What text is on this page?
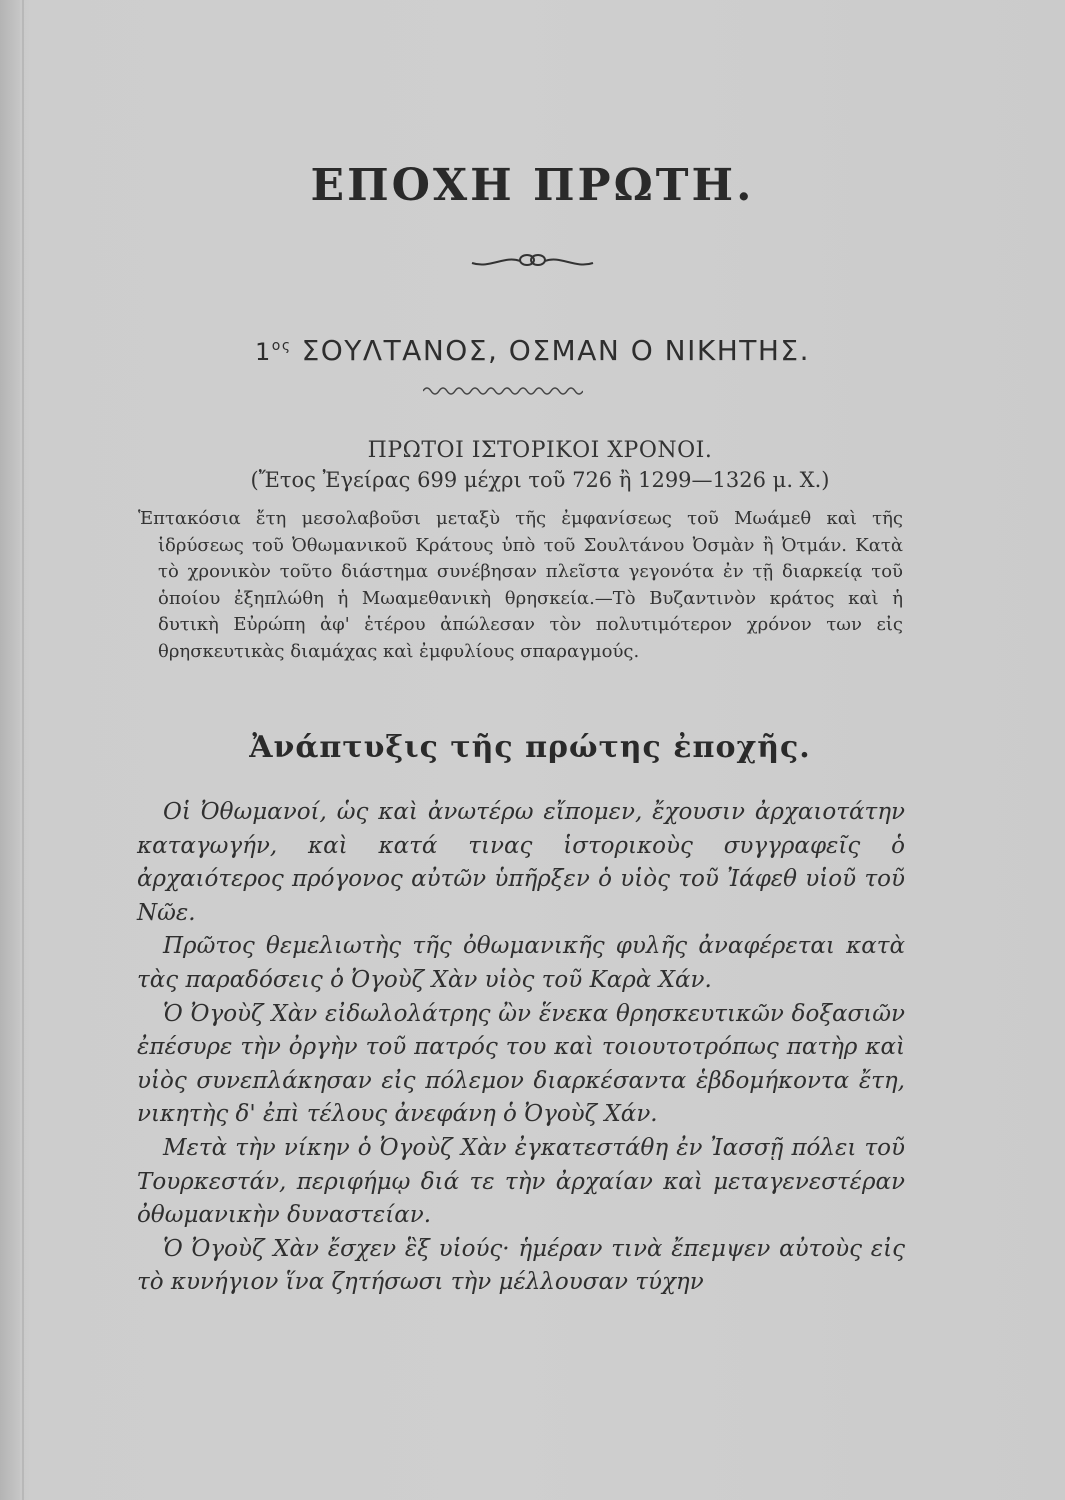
ΕΠΟΧΗ ΠΡΩΤΗ.
$1^{o\varsigma}$ ΣΟΥΛΤΑΝΟΣ, ΟΣΜΑΝ Ο ΝΙΚΗΤΗΣ.
ΠΡΩΤΟΙ ΙΣΤΟΡΙΚΟΙ ΧΡΟΝΟΙ.
(Ἔτος Ἐγείρας 699 μέχρι τοῦ 726 ἢ 1299—1326 μ. Χ.)

Ἑπτακόσια ἔτη μεσολαβοῦσι μεταξὺ τῆς ἐμφανίσεως τοῦ Μωάμεθ καὶ τῆς ἱδρύσεως τοῦ Ὀθωμανικοῦ Κράτους ὑπὸ τοῦ Σουλτάνου Ὀσμὰν ἢ Ὀτμάν. Κατὰ τὸ χρονικὸν τοῦτο διάστημα συνέβησαν πλεῖστα γεγονότα ἐν τῇ διαρκείᾳ τοῦ ὁποίου ἐξηπλώθη ἡ Μωαμεθανικὴ θρησκεία.—Τὸ Βυζαντινὸν κράτος καὶ ἡ δυτικὴ Εὐρώπη ἀφ' ἑτέρου ἀπώλεσαν τὸν πολυτιμότερον χρόνον των εἰς θρησκευτικὰς διαμάχας καὶ ἐμφυλίους σπαραγμούς.

Ἀνάπτυξις τῆς πρώτης ἐποχῆς.

Οἱ Ὀθωμανοί, ὡς καὶ ἀνωτέρω εἴπομεν, ἔχουσιν ἀρχαιοτάτην καταγωγήν, καὶ κατά τινας ἱστορικοὺς συγγραφεῖς ὁ ἀρχαιότερος πρόγονος αὐτῶν ὑπῆρξεν ὁ υἱὸς τοῦ Ἰάφεθ υἱοῦ τοῦ Νῶε.

Πρῶτος θεμελιωτὴς τῆς ὀθωμανικῆς φυλῆς ἀναφέρεται κατὰ τὰς παραδόσεις ὁ Ὀγοὺζ Χὰν υἱὸς τοῦ Καρὰ Χάν.

Ὁ Ὀγοὺζ Χὰν εἰδωλολάτρης ὢν ἕνεκα θρησκευτικῶν δοξασιῶν ἐπέσυρε τὴν ὀργὴν τοῦ πατρός του καὶ τοιουτοτρόπως πατὴρ καὶ υἱὸς συνεπλάκησαν εἰς πόλεμον διαρκέσαντα ἑβδομήκοντα ἔτη, νικητὴς δ' ἐπὶ τέλους ἀνεφάνη ὁ Ὀγοὺζ Χάν.

Μετὰ τὴν νίκην ὁ Ὀγοὺζ Χὰν ἐγκατεστάθη ἐν Ἰασσῇ πόλει τοῦ Τουρκεστάν, περιφήμῳ διά τε τὴν ἀρχαίαν καὶ μεταγενεστέραν ὀθωμανικὴν δυναστείαν.

Ὁ Ὀγοὺζ Χὰν ἔσχεν ἓξ υἱούς· ἡμέραν τινὰ ἔπεμψεν αὐτοὺς εἰς τὸ κυνήγιον ἵνα ζητήσωσι τὴν μέλλουσαν τύχην
